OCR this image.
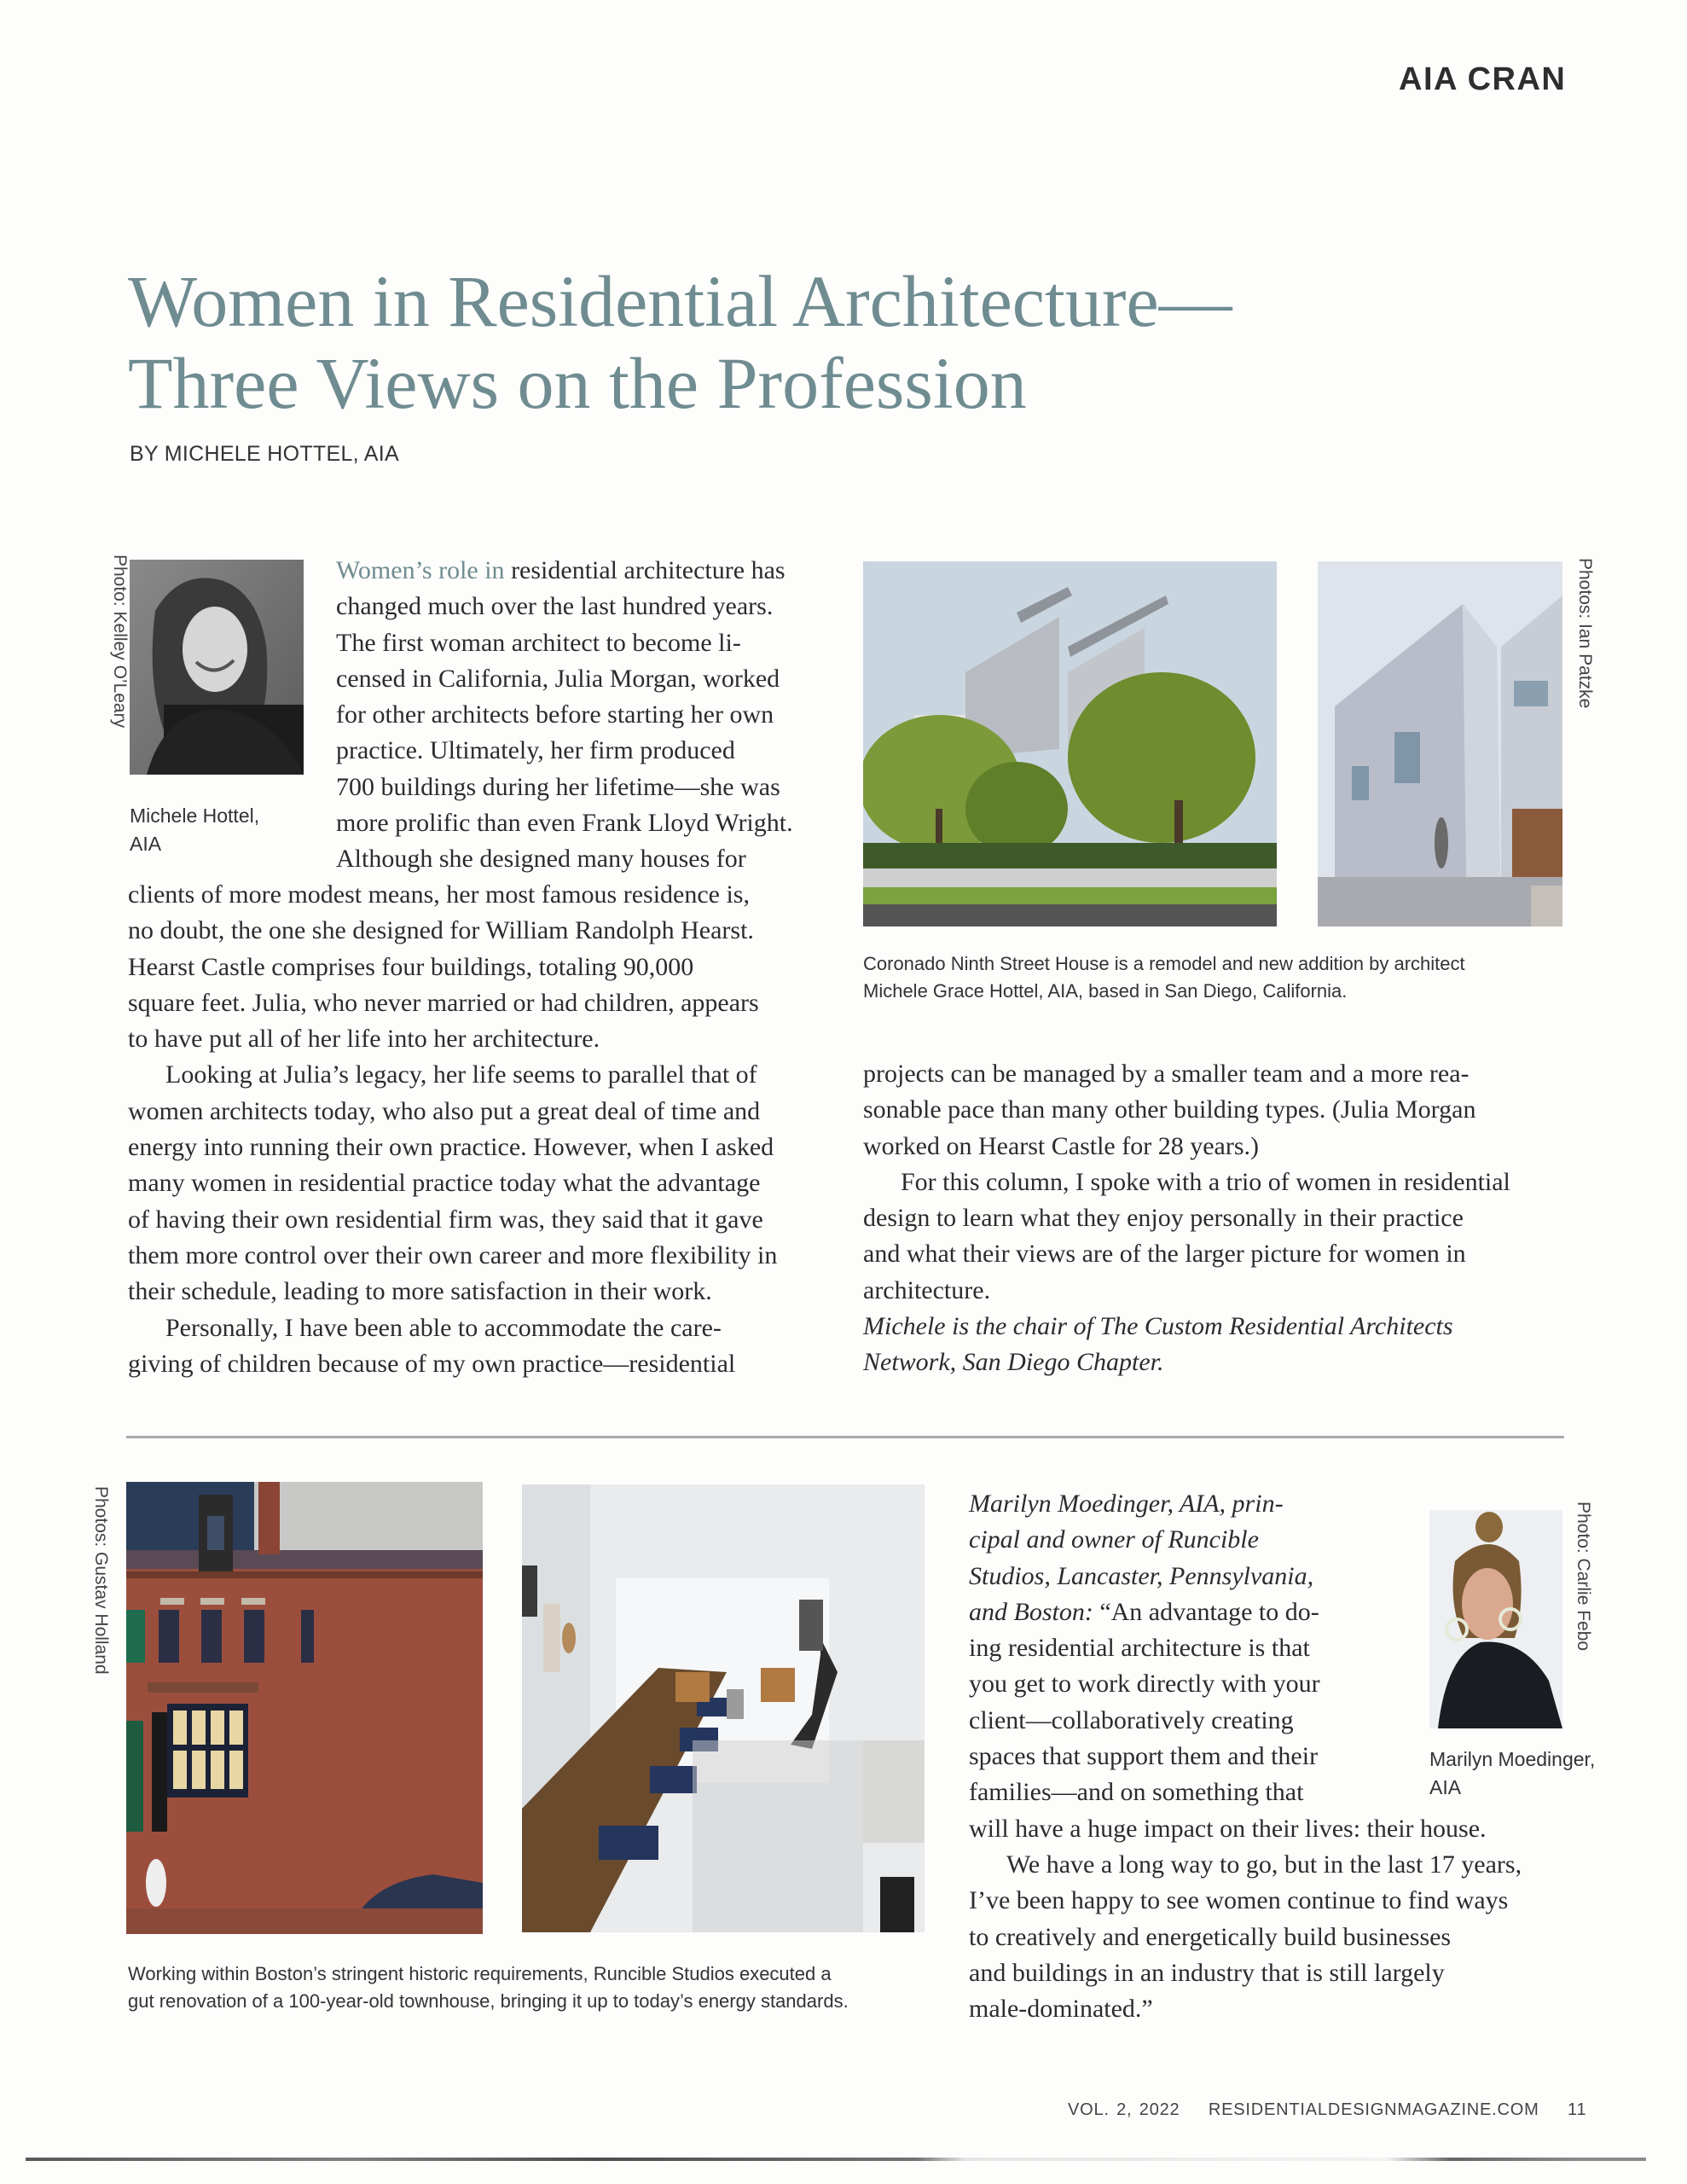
AIA CRAN
Women in Residential Architecture—
Three Views on the Profession
BY MICHELE HOTTEL, AIA
Photo: Kelley O’Leary
Michele Hottel,
AIA
Women’s role in residential architecture has
changed much over the last hundred years.
The first woman architect to become li-
censed in California, Julia Morgan, worked
for other architects before starting her own
practice. Ultimately, her firm produced
700 buildings during her lifetime—she was
more prolific than even Frank Lloyd Wright.
Although she designed many houses for
clients of more modest means, her most famous residence is,
no doubt, the one she designed for William Randolph Hearst.
Hearst Castle comprises four buildings, totaling 90,000
square feet. Julia, who never married or had children, appears
to have put all of her life into her architecture.
Looking at Julia’s legacy, her life seems to parallel that of
women architects today, who also put a great deal of time and
energy into running their own practice. However, when I asked
many women in residential practice today what the advantage
of having their own residential firm was, they said that it gave
them more control over their own career and more flexibility in
their schedule, leading to more satisfaction in their work.
Personally, I have been able to accommodate the care-
giving of children because of my own practice—residential
Photos: Ian Patzke
Coronado Ninth Street House is a remodel and new addition by architect
Michele Grace Hottel, AIA, based in San Diego, California.
projects can be managed by a smaller team and a more rea-
sonable pace than many other building types. (Julia Morgan
worked on Hearst Castle for 28 years.)
For this column, I spoke with a trio of women in residential
design to learn what they enjoy personally in their practice
and what their views are of the larger picture for women in
architecture.
Michele is the chair of The Custom Residential Architects
Network, San Diego Chapter.
Photos: Gustav Holland
Working within Boston’s stringent historic requirements, Runcible Studios executed a
gut renovation of a 100-year-old townhouse, bringing it up to today’s energy standards.
Photo: Carlie Febo
Marilyn Moedinger,
AIA
Marilyn Moedinger, AIA, prin-
cipal and owner of Runcible
Studios, Lancaster, Pennsylvania,
and Boston: “An advantage to do-
ing residential architecture is that
you get to work directly with your
client—collaboratively creating
spaces that support them and their
families—and on something that
will have a huge impact on their lives: their house.
We have a long way to go, but in the last 17 years,
I’ve been happy to see women continue to find ways
to creatively and energetically build businesses
and buildings in an industry that is still largely
male-dominated.”
VOL. 2, 2022 RESIDENTIALDESIGNMAGAZINE.COM 11
